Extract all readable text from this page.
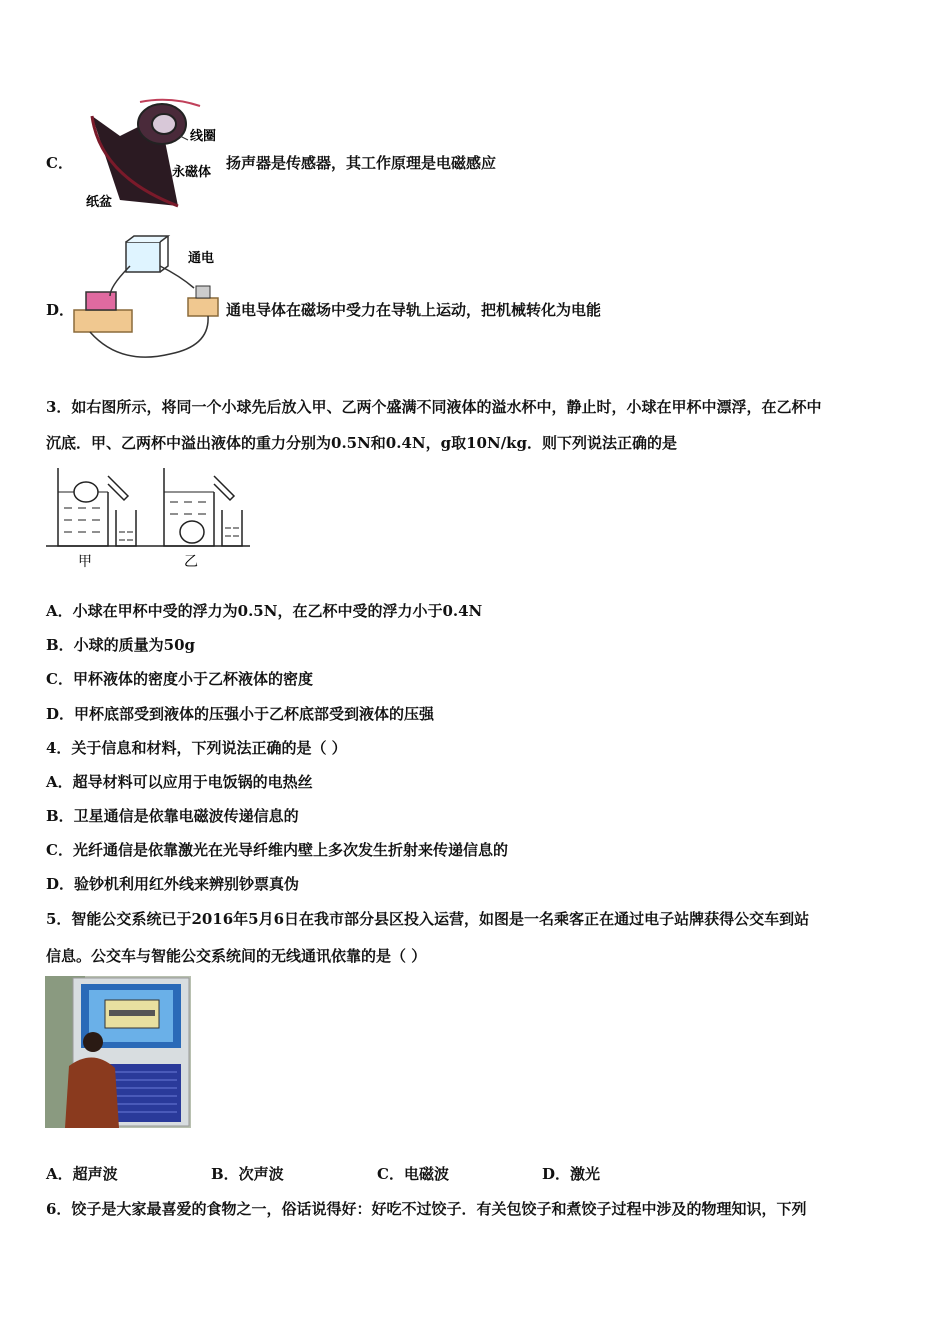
C．
线圈
永磁体
纸盆
扬声器是传感器，其工作原理是电磁感应
D．
通电
通电导体在磁场中受力在导轨上运动，把机械转化为电能
3．如右图所示，将同一个小球先后放入甲、乙两个盛满不同液体的溢水杯中，静止时，小球在甲杯中漂浮，在乙杯中
沉底．甲、乙两杯中溢出液体的重力分别为0.5N和0.4N，g取10N/kg．则下列说法正确的是
甲	乙
A．小球在甲杯中受的浮力为0.5N，在乙杯中受的浮力小于0.4N
B．小球的质量为50g
C．甲杯液体的密度小于乙杯液体的密度
D．甲杯底部受到液体的压强小于乙杯底部受到液体的压强
4．关于信息和材料，下列说法正确的是（ ）
A．超导材料可以应用于电饭锅的电热丝
B．卫星通信是依靠电磁波传递信息的
C．光纤通信是依靠激光在光导纤维内壁上多次发生折射来传递信息的
D．验钞机利用红外线来辨别钞票真伪
5．智能公交系统已于2016年5月6日在我市部分县区投入运营，如图是一名乘客正在通过电子站牌获得公交车到站
信息。公交车与智能公交系统间的无线通讯依靠的是（ ）
A．超声波	B．次声波	C．电磁波	D．激光
6．饺子是大家最喜爱的食物之一，俗话说得好：好吃不过饺子．有关包饺子和煮饺子过程中涉及的物理知识，下列
